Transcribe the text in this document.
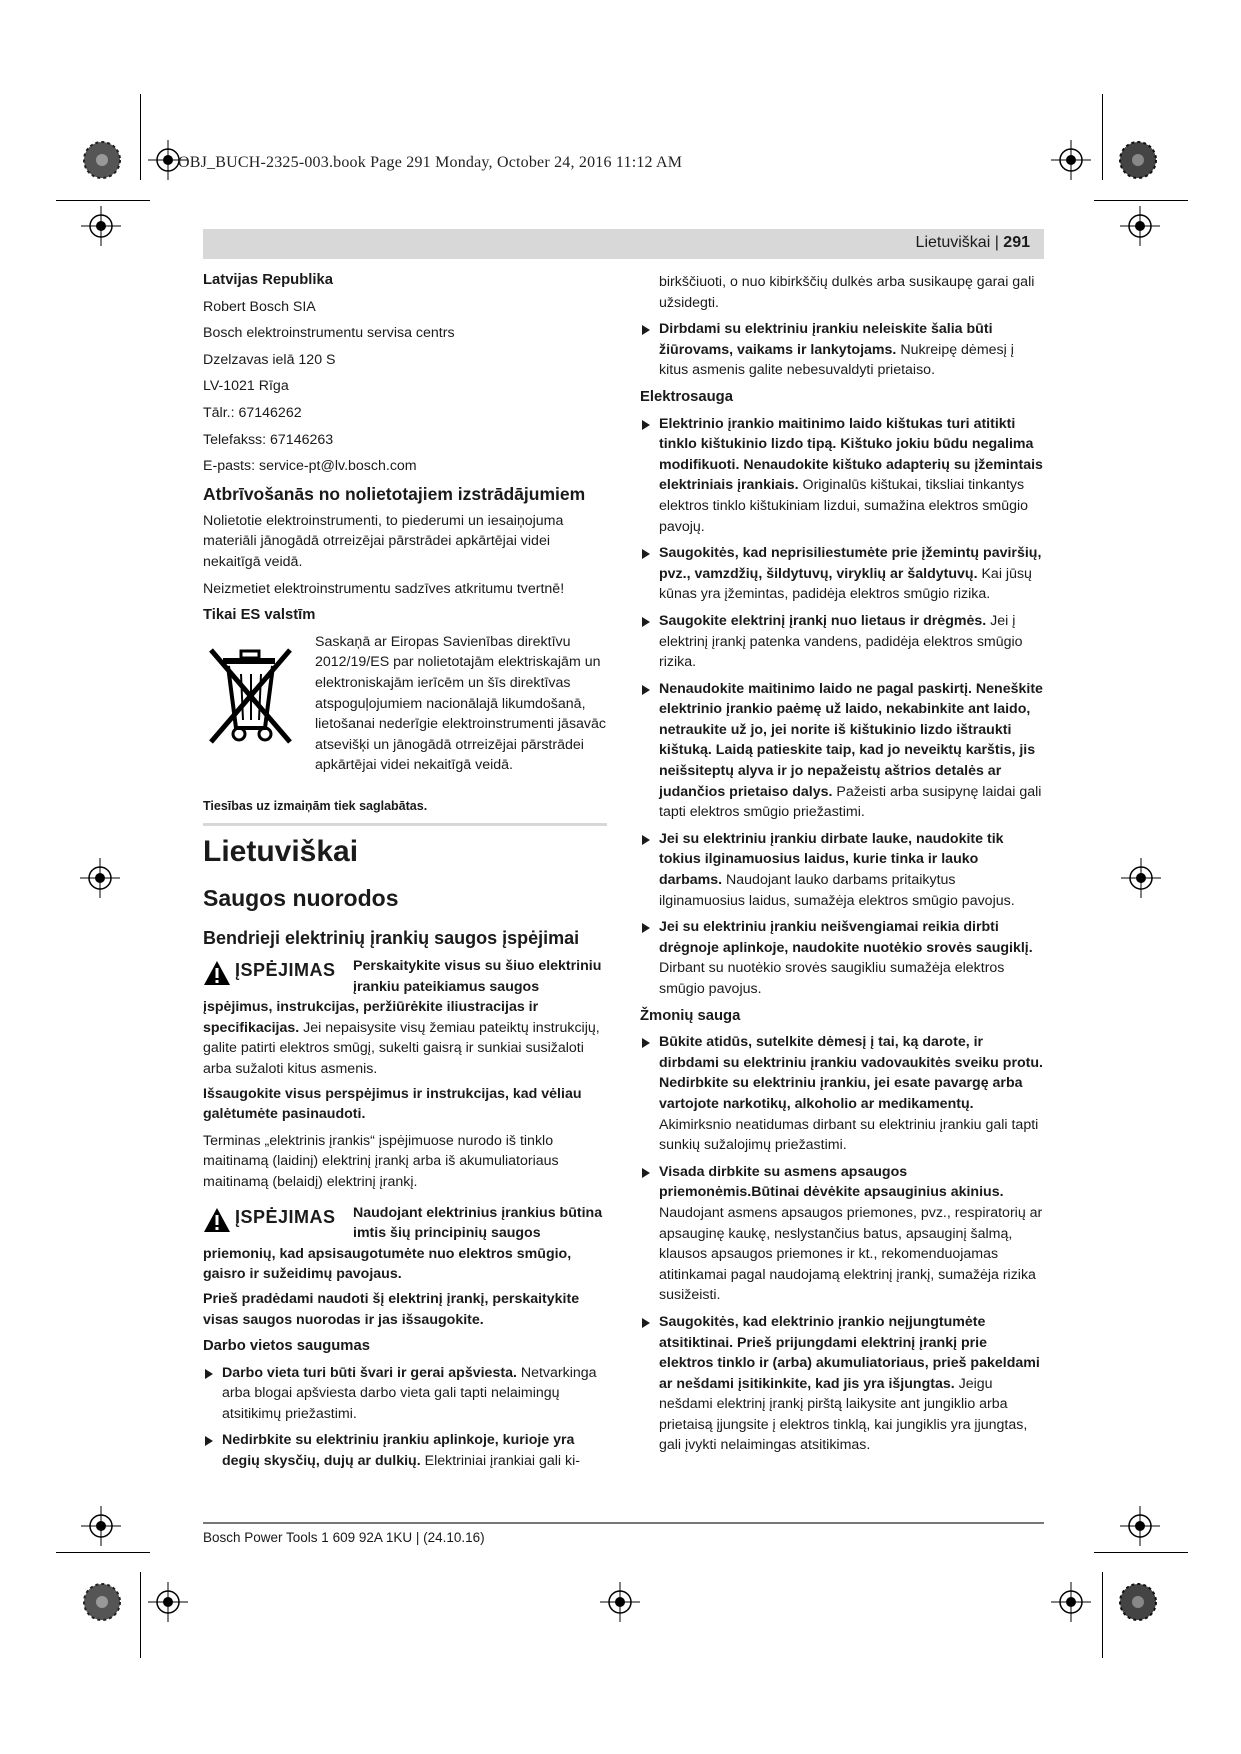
OBJ_BUCH-2325-003.book Page 291 Monday, October 24, 2016 11:12 AM
Lietuviškai | 291

Latvijas Republika

Robert Bosch SIA

Bosch elektroinstrumentu servisa centrs

Dzelzavas ielā 120 S

LV-1021 Rīga

Tālr.: 67146262

Telefakss: 67146263

E-pasts: service-pt@lv.bosch.com

Atbrīvošanās no nolietotajiem izstrādājumiem

Nolietotie elektroinstrumenti, to piederumi un iesaiņojuma materiāli jānogādā otrreizējai pārstrādei apkārtējai videi nekaitīgā veidā.

Neizmetiet elektroinstrumentu sadzīves atkritumu tvertnē!

Tikai ES valstīm

Saskaņā ar Eiropas Savienības direktīvu 2012/19/ES par nolietotajām elektriskajām un elektroniskajām ierīcēm un šīs direktīvas atspoguļojumiem nacionālajā likumdošanā, lietošanai nederīgie elektroinstrumenti jāsavāc atsevišķi un jānogādā otrreizējai pārstrādei apkārtējai videi nekaitīgā veidā.

Tiesības uz izmaiņām tiek saglabātas.

Lietuviškai

Saugos nuorodos

Bendrieji elektrinių įrankių saugos įspėjimai

ĮSPĖJIMAS Perskaitykite visus su šiuo elektriniu įrankiu pateikiamus saugos įspėjimus, instrukcijas, peržiūrėkite iliustracijas ir specifikacijas. Jei nepaisysite visų žemiau pateiktų instrukcijų, galite patirti elektros smūgį, sukelti gaisrą ir sunkiai susižaloti arba sužaloti kitus asmenis.

Išsaugokite visus perspėjimus ir instrukcijas, kad vėliau galėtumėte pasinaudoti.

Terminas „elektrinis įrankis“ įspėjimuose nurodo iš tinklo maitinamą (laidinį) elektrinį įrankį arba iš akumuliatoriaus maitinamą (belaidį) elektrinį įrankį.

ĮSPĖJIMAS Naudojant elektrinius įrankius būtina imtis šių principinių saugos priemonių, kad apsisaugotumėte nuo elektros smūgio, gaisro ir sužeidimų pavojaus.

Prieš pradėdami naudoti šį elektrinį įrankį, perskaitykite visas saugos nuorodas ir jas išsaugokite.

Darbo vietos saugumas

Darbo vieta turi būti švari ir gerai apšviesta. Netvarkinga arba blogai apšviesta darbo vieta gali tapti nelaimingų atsitikimų priežastimi.

Nedirbkite su elektriniu įrankiu aplinkoje, kurioje yra degių skysčių, dujų ar dulkių. Elektriniai įrankiai gali ki-

birkščiuoti, o nuo kibirkščių dulkės arba susikaupę garai gali užsidegti.

Dirbdami su elektriniu įrankiu neleiskite šalia būti žiūrovams, vaikams ir lankytojams. Nukreipę dėmesį į kitus asmenis galite nebesuvaldyti prietaiso.

Elektrosauga

Elektrinio įrankio maitinimo laido kištukas turi atitikti tinklo kištukinio lizdo tipą. Kištuko jokiu būdu negalima modifikuoti. Nenaudokite kištuko adapterių su įžemintais elektriniais įrankiais. Originalūs kištukai, tiksliai tinkantys elektros tinklo kištukiniam lizdui, sumažina elektros smūgio pavojų.

Saugokitės, kad neprisiliestumėte prie įžemintų paviršių, pvz., vamzdžių, šildytuvų, viryklių ar šaldytuvų. Kai jūsų kūnas yra įžemintas, padidėja elektros smūgio rizika.

Saugokite elektrinį įrankį nuo lietaus ir drėgmės. Jei į elektrinį įrankį patenka vandens, padidėja elektros smūgio rizika.

Nenaudokite maitinimo laido ne pagal paskirtį. Neneškite elektrinio įrankio paėmę už laido, nekabinkite ant laido, netraukite už jo, jei norite iš kištukinio lizdo ištraukti kištuką. Laidą patieskite taip, kad jo neveiktų karštis, jis neišsiteptų alyva ir jo nepažeistų aštrios detalės ar judančios prietaiso dalys. Pažeisti arba susipynę laidai gali tapti elektros smūgio priežastimi.

Jei su elektriniu įrankiu dirbate lauke, naudokite tik tokius ilginamuosius laidus, kurie tinka ir lauko darbams. Naudojant lauko darbams pritaikytus ilginamuosius laidus, sumažėja elektros smūgio pavojus.

Jei su elektriniu įrankiu neišvengiamai reikia dirbti drėgnoje aplinkoje, naudokite nuotėkio srovės saugiklį. Dirbant su nuotėkio srovės saugikliu sumažėja elektros smūgio pavojus.

Žmonių sauga

Būkite atidūs, sutelkite dėmesį į tai, ką darote, ir dirbdami su elektriniu įrankiu vadovaukitės sveiku protu. Nedirbkite su elektriniu įrankiu, jei esate pavargę arba vartojote narkotikų, alkoholio ar medikamentų. Akimirksnio neatidumas dirbant su elektriniu įrankiu gali tapti sunkių sužalojimų priežastimi.

Visada dirbkite su asmens apsaugos priemonėmis.Būtinai dėvėkite apsauginius akinius. Naudojant asmens apsaugos priemones, pvz., respiratorių ar apsauginę kaukę, neslystančius batus, apsauginį šalmą, klausos apsaugos priemones ir kt., rekomenduojamas atitinkamai pagal naudojamą elektrinį įrankį, sumažėja rizika susižeisti.

Saugokitės, kad elektrinio įrankio neįjungtumėte atsitiktinai. Prieš prijungdami elektrinį įrankį prie elektros tinklo ir (arba) akumuliatoriaus, prieš pakeldami ar nešdami įsitikinkite, kad jis yra išjungtas. Jeigu nešdami elektrinį įrankį pirštą laikysite ant jungiklio arba prietaisą įjungsite į elektros tinklą, kai jungiklis yra įjungtas, gali įvykti nelaimingas atsitikimas.

Bosch Power Tools 1 609 92A 1KU | (24.10.16)
